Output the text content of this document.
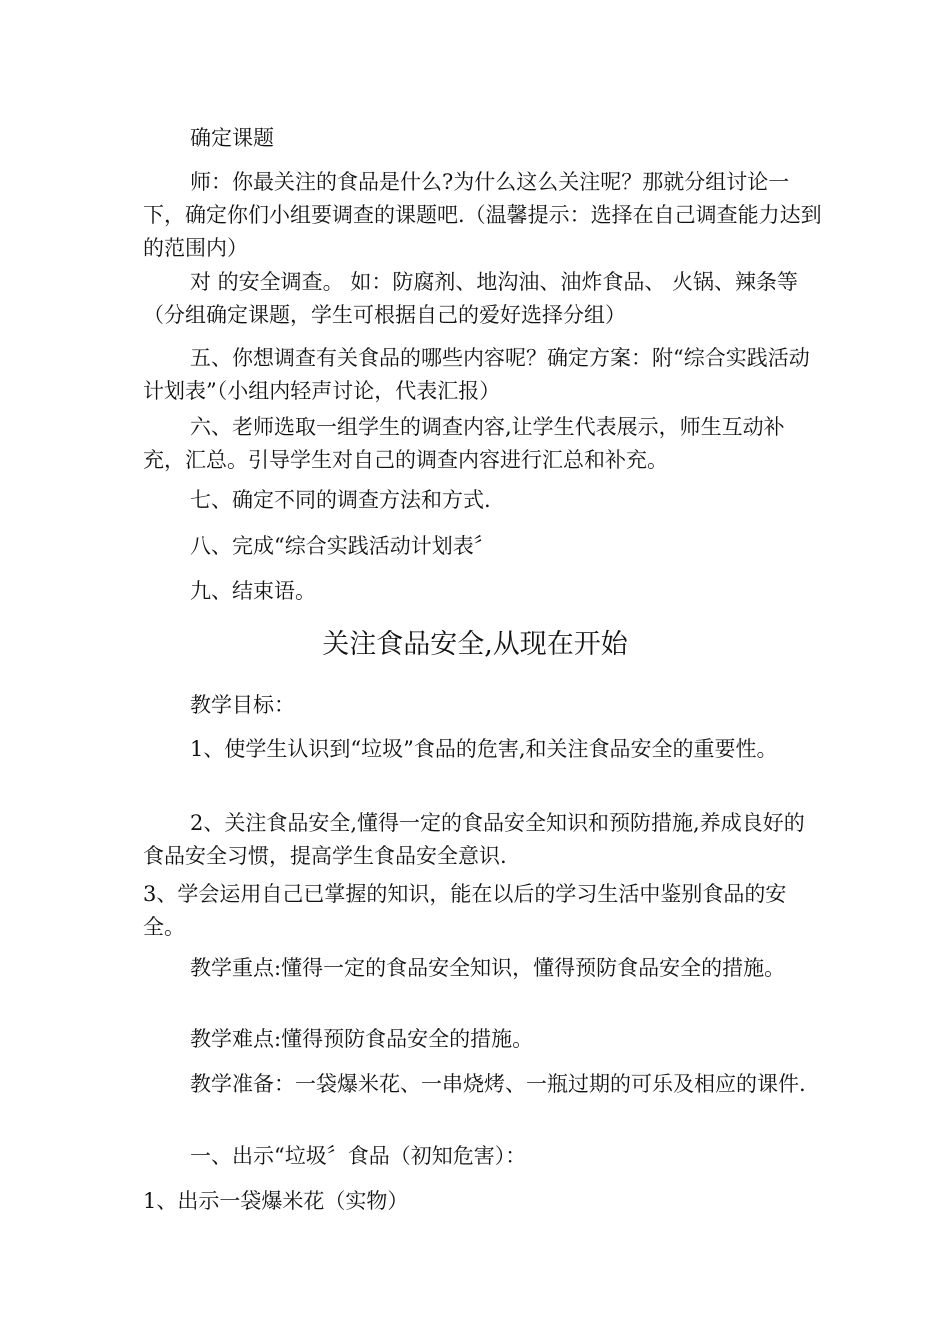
确定课题

师：你最关注的食品是什么?为什么这么关注呢？那就分组讨论一下，确定你们小组要调查的课题吧.（温馨提示：选择在自己调查能力达到的范围内）

对 的安全调查。 如：防腐剂、地沟油、油炸食品、 火锅、辣条等（分组确定课题，学生可根据自己的爱好选择分组）

五、你想调查有关食品的哪些内容呢？确定方案：附“综合实践活动计划表”（小组内轻声讨论，代表汇报）

六、老师选取一组学生的调查内容,让学生代表展示，师生互动补充，汇总。引导学生对自己的调查内容进行汇总和补充。

七、确定不同的调查方法和方式.

八、完成“综合实践活动计划表〞

九、结束语。

关注食品安全,从现在开始

教学目标：

1、使学生认识到“垃圾”食品的危害,和关注食品安全的重要性。

2、关注食品安全,懂得一定的食品安全知识和预防措施,养成良好的食品安全习惯，提高学生食品安全意识.

3、学会运用自己已掌握的知识，能在以后的学习生活中鉴别食品的安全。

教学重点:懂得一定的食品安全知识，懂得预防食品安全的措施。

教学难点:懂得预防食品安全的措施。

教学准备：一袋爆米花、一串烧烤、一瓶过期的可乐及相应的课件.

一、出示“垃圾〞食品（初知危害）：

1、出示一袋爆米花（实物）
